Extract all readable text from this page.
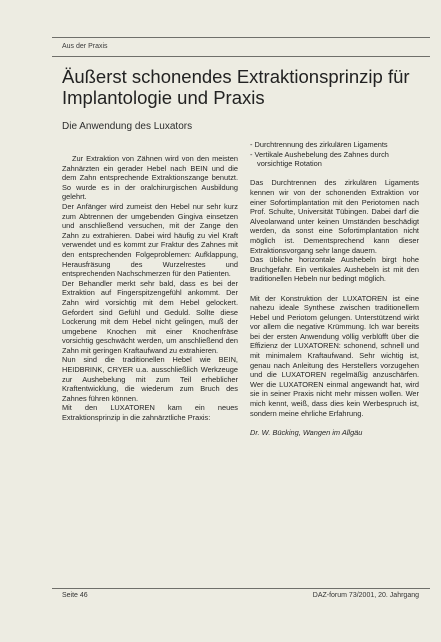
Aus der Praxis
Äußerst schonendes Extraktionsprinzip für Implantologie und Praxis
Die Anwendung des Luxators

Zur Extraktion von Zähnen wird von den meisten Zahnärzten ein gerader Hebel nach BEIN und die dem Zahn entsprechende Extraktionszange benutzt. So wurde es in der oralchirurgischen Ausbildung gelehrt.

Der Anfänger wird zumeist den Hebel nur sehr kurz zum Abtrennen der umgebenden Gingiva einsetzen und anschließend versuchen, mit der Zange den Zahn zu extrahieren. Dabei wird häufig zu viel Kraft verwendet und es kommt zur Fraktur des Zahnes mit den entsprechenden Folgeproblemen: Aufklappung, Herausfräsung des Wurzelrestes und entsprechenden Nachschmerzen für den Patienten.

Der Behandler merkt sehr bald, dass es bei der Extraktion auf Fingerspitzengefühl ankommt. Der Zahn wird vorsichtig mit dem Hebel gelockert. Gefordert sind Gefühl und Geduld. Sollte diese Lockerung mit dem Hebel nicht gelingen, muß der umgebene Knochen mit einer Knochenfräse vorsichtig geschwächt werden, um anschließend den Zahn mit geringen Kraftaufwand zu extrahieren.

Nun sind die traditionellen Hebel wie BEIN, HEIDBRINK, CRYER u.a. ausschließlich Werkzeuge zur Aushebelung mit zum Teil erheblicher Kraftentwicklung, die wiederum zum Bruch des Zahnes führen können.

Mit den LUXATOREN kam ein neues Extraktionsprinzip in die zahnärztliche Praxis:

- Durchtrennung des zirkulären Ligaments

- Vertikale Aushebelung des Zahnes durch vorsichtige Rotation

Das Durchtrennen des zirkulären Ligaments kennen wir von der schonenden Extraktion vor einer Sofortimplantation mit den Periotomen nach Prof. Schulte, Universität Tübingen. Dabei darf die Alveolarwand unter keinen Umständen beschädigt werden, da sonst eine Sofortimplantation nicht möglich ist. Dementsprechend kann dieser Extraktionsvorgang sehr lange dauern.

Das übliche horizontale Aushebeln birgt hohe Bruchgefahr. Ein vertikales Aushebeln ist mit den traditionellen Hebeln nur bedingt möglich.

Mit der Konstruktion der LUXATOREN ist eine nahezu ideale Synthese zwischen traditionellem Hebel und Periotom gelungen. Unterstützend wirkt vor allem die negative Krümmung. Ich war bereits bei der ersten Anwendung völlig verblüfft über die Effizienz der LUXATOREN: schonend, schnell und mit minimalem Kraftaufwand. Sehr wichtig ist, genau nach Anleitung des Herstellers vorzugehen und die LUXATOREN regelmäßig anzuschärfen. Wer die LUXATOREN einmal angewandt hat, wird sie in seiner Praxis nicht mehr missen wollen. Wer mich kennt, weiß, dass dies kein Werbespruch ist, sondern meine ehrliche Erfahrung.

Dr. W. Bücking, Wangen im Allgäu

Seite 46	DAZ-forum 73/2001, 20. Jahrgang
